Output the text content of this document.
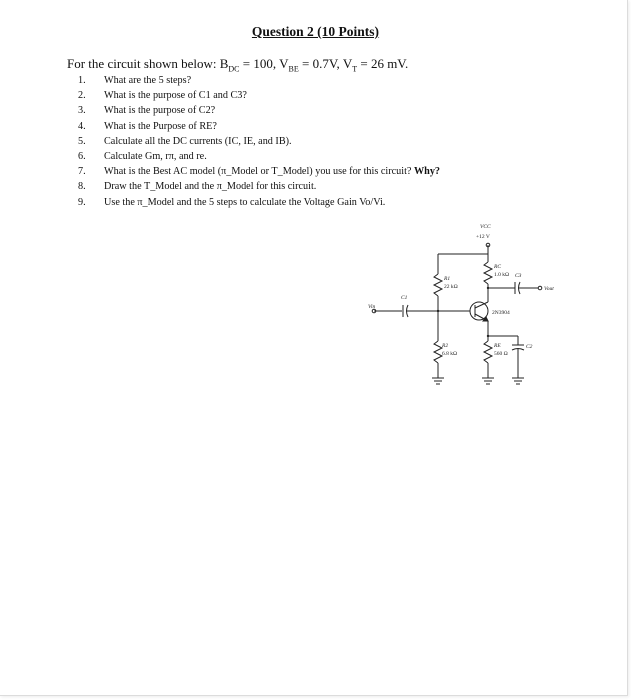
Question 2 (10 Points)
For the circuit shown below: $B_{DC} = 100$, $V_{BE} = 0.7V$, $V_T = 26$ mV.
1.	What are the 5 steps?
2.	What is the purpose of C1 and C3?
3.	What is the purpose of C2?
4.	What is the Purpose of RE?
5.	Calculate all the DC currents (IC, IE, and IB).
6.	Calculate Gm, rπ, and re.
7.	What is the Best AC model (π_Model or T_Model) you use for this circuit?
Why?
8.	Draw the T_Model and the π_Model for this circuit.
9.	Use the π_Model and the 5 steps to calculate the Voltage Gain Vo/Vi.
VCC
+12 V
RC
1.0 kΩ
R1
22 kΩ
R2
6.8 kΩ
RE
560 Ω
C1
C2
C3
2N3904
Vin
Vout
